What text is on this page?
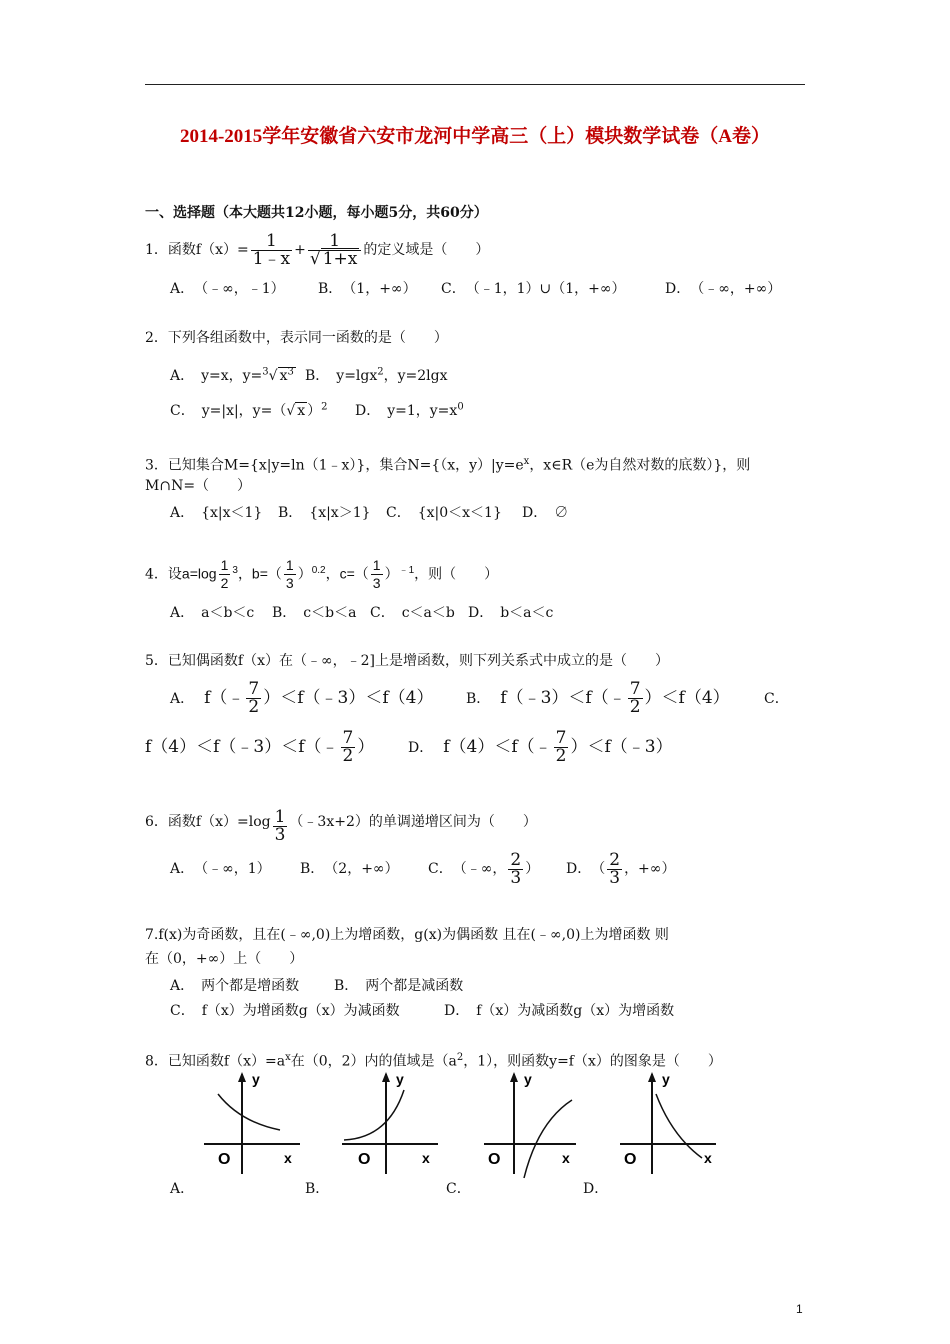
2014-2015学年安徽省六安市龙河中学高三（上）模块数学试卷（A卷）
一、选择题（本大题共12小题，每小题5分，共60分）
1．函数$f(x)= \frac{1}{1﹣x} + \frac{1}{√ 1+x}$ 的定义域是（　　）
A．　（﹣∞，﹣1） B．　（1，+∞） C．　（﹣1，1）∪（1，+∞）	D．　（﹣∞，+∞）
2．下列各组函数中，表示同一函数的是（　　）
A．　y=x，y=$^3$√ $x^3$ B．　y=lgx$^2$，y=2lgx
C．　y=|x|，y=（√ x ）$^2$ D．　y=1，$y=x^0$
3．已知集合M={x|y=ln（1﹣x）}，集合N={（x，$y)|y=e^x$，x∈R（e为自然对数的底数）}，则
M∩N=（　　）
A．　{x|x＜1} B．　{x|x＞1} C．　{x|0＜x＜1} D．　∅
4．设$a=\log \frac{1}{2} ^3$，$b=( \frac{1}{3} )^{0.2}$，$c=( \frac{1}{3} )^{﹣1}$，则（　　）
A．　a＜b＜c B．　c＜b＜a C．　c＜a＜b D．　b＜a＜c
5．已知偶函数f（x）在（﹣∞，﹣2]上是增函数，则下列关系式中成立的是（　　）
A．　 f（﹣ $\frac{7}{2}$ ）＜f（﹣3）＜f（4） B．　 f（﹣3）＜f（﹣ $\frac{7}{2} )<f(4)$ C．
f（4）＜f（﹣3）＜f（﹣ $\frac{7}{2}$ ） D．　 f（4）＜f（﹣ $\frac{7}{2}$ ）＜f（﹣3）
6．函数$f(x)=\log \frac{1}{3}$ （﹣3x+2）的单调递增区间为（　　）
A．　（﹣∞，1） B．　（2，+∞） C．　（﹣∞， $\frac{2}{3}$ ） D．　（ $\frac{2}{3}$ ，+∞）
7.f(x)为奇函数，且在(﹣∞,0)上为增函数，g(x)为偶函数 且在(﹣∞,0)上为增函数 则
在（0，+∞）上（　　）
A．　两个都是增函数 B．　两个都是减函数
C．　f（x）为增函数g（x）为减函数	D．　f（x）为减函数g（x）为增函数
8．已知函数$f(x)=a^x$在（0，2）内的值域是（$a^2$，1），则函数y=f（x）的图象是（　　）
y
x
O
y
x
O
y
x
O
y
x
O
A．	B．	C．	D．
1
